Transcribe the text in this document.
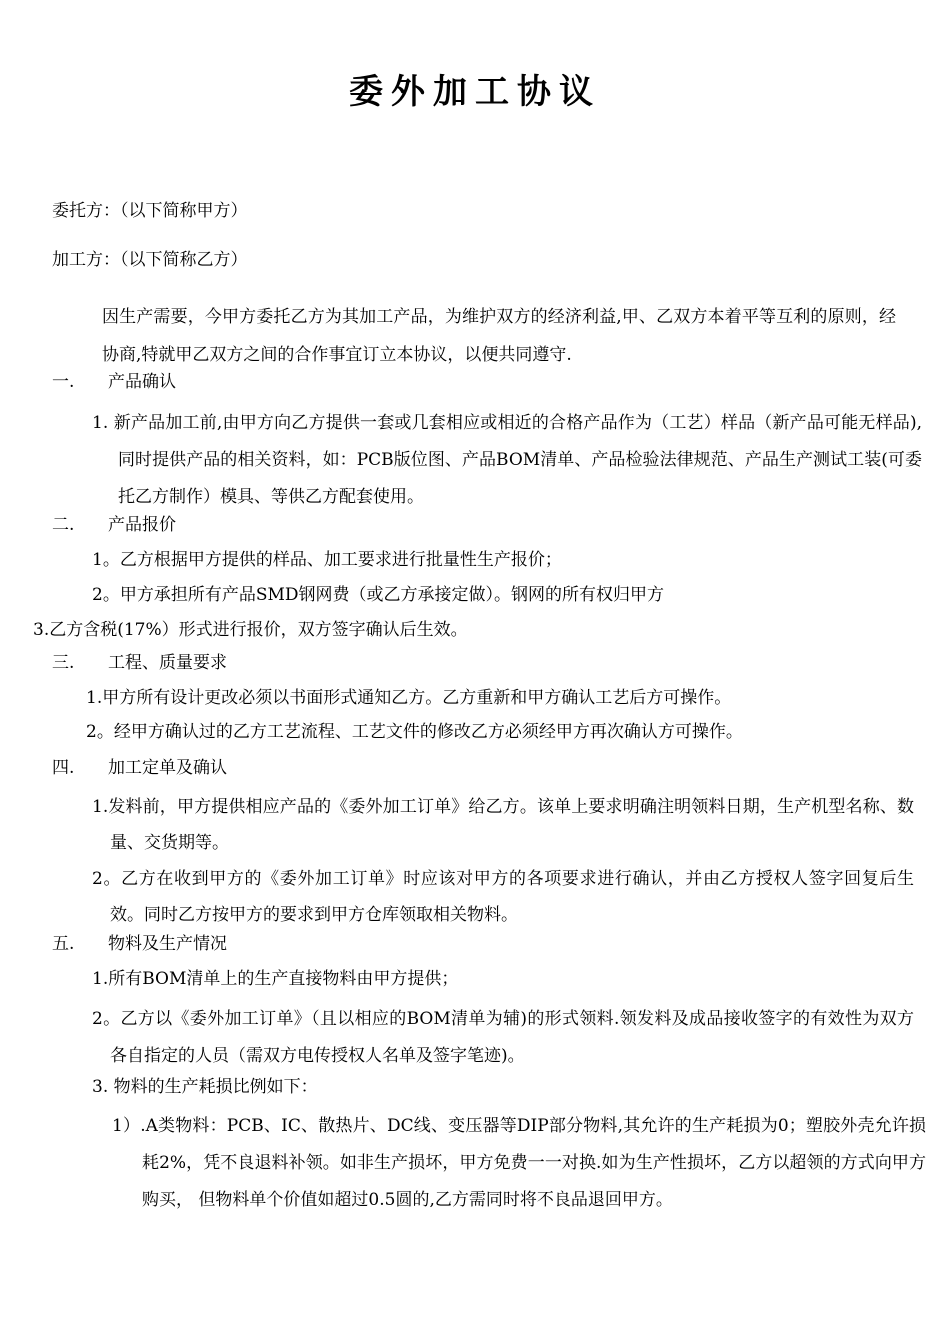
委外加工协议
委托方：（以下简称甲方）
加工方：（以下简称乙方）
因生产需要，今甲方委托乙方为其加工产品，为维护双方的经济利益,甲、乙双方本着平等互利的原则，经协商,特就甲乙双方之间的合作事宜订立本协议，以便共同遵守.
一. 产品确认
1. 新产品加工前,由甲方向乙方提供一套或几套相应或相近的合格产品作为（工艺）样品（新产品可能无样品),同时提供产品的相关资料，如：PCB版位图、产品BOM清单、产品检验法律规范、产品生产测试工装(可委托乙方制作）模具、等供乙方配套使用。
二. 产品报价
1。乙方根据甲方提供的样品、加工要求进行批量性生产报价；
2。甲方承担所有产品SMD钢网费（或乙方承接定做）。钢网的所有权归甲方
3.乙方含税(17%）形式进行报价，双方签字确认后生效。
三. 工程、质量要求
1.甲方所有设计更改必须以书面形式通知乙方。乙方重新和甲方确认工艺后方可操作。
2。经甲方确认过的乙方工艺流程、工艺文件的修改乙方必须经甲方再次确认方可操作。
四. 加工定单及确认
1.发料前，甲方提供相应产品的《委外加工订单》给乙方。该单上要求明确注明领料日期，生产机型名称、数量、交货期等。
2。乙方在收到甲方的《委外加工订单》时应该对甲方的各项要求进行确认，并由乙方授权人签字回复后生效。同时乙方按甲方的要求到甲方仓库领取相关物料。
五. 物料及生产情况
1.所有BOM清单上的生产直接物料由甲方提供；
2。乙方以《委外加工订单》（且以相应的BOM清单为辅)的形式领料.领发料及成品接收签字的有效性为双方各自指定的人员（需双方电传授权人名单及签字笔迹)。
3. 物料的生产耗损比例如下：
1）.A类物料：PCB、IC、散热片、DC线、变压器等DIP部分物料,其允许的生产耗损为0；塑胶外壳允许损耗2%，凭不良退料补领。如非生产损坏，甲方免费一一对换.如为生产性损坏，乙方以超领的方式向甲方购买， 但物料单个价值如超过0.5圆的,乙方需同时将不良品退回甲方。
